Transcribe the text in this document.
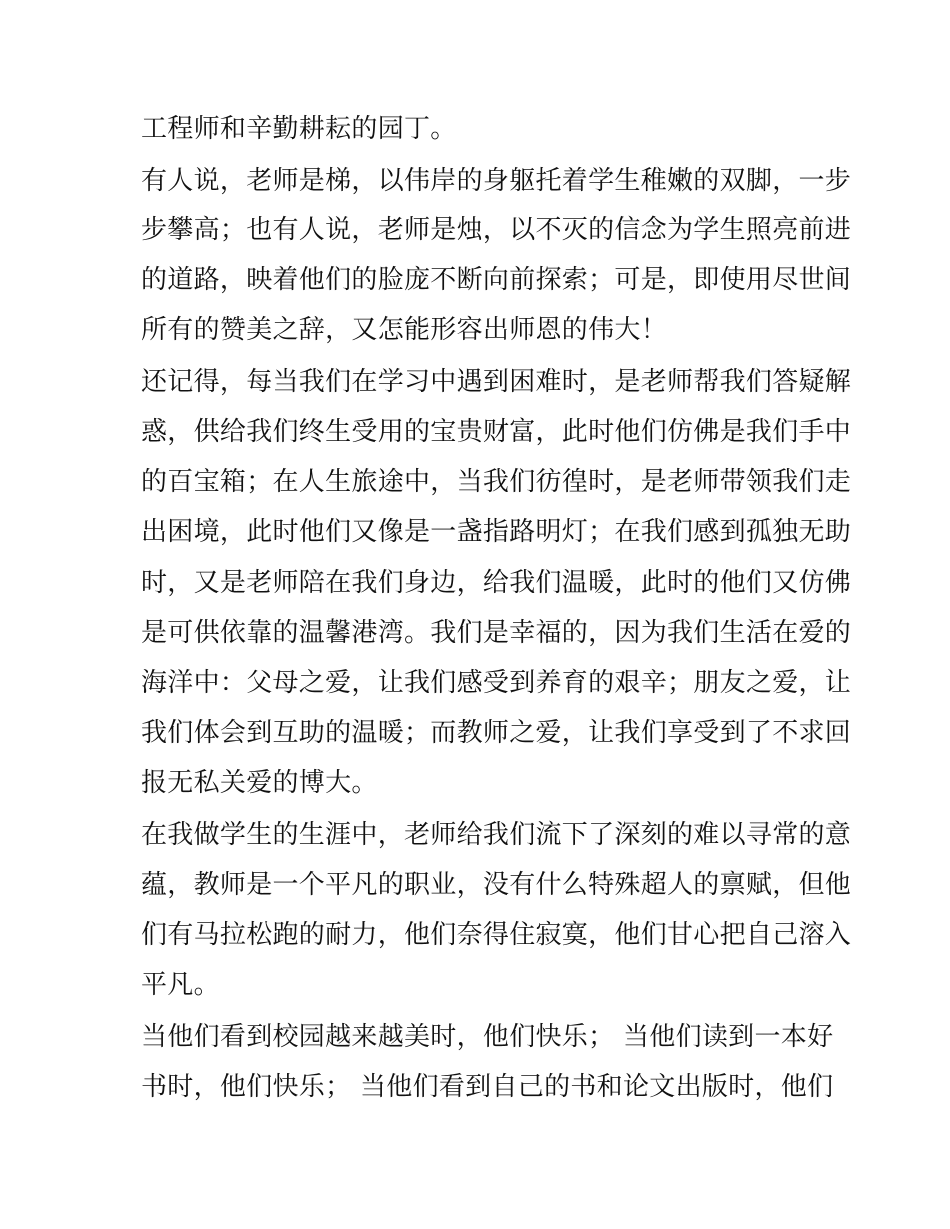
工程师和辛勤耕耘的园丁。
有人说，老师是梯，以伟岸的身躯托着学生稚嫩的双脚，一步
步攀高；也有人说，老师是烛，以不灭的信念为学生照亮前进
的道路，映着他们的脸庞不断向前探索；可是，即使用尽世间
所有的赞美之辞，又怎能形容出师恩的伟大！
还记得，每当我们在学习中遇到困难时，是老师帮我们答疑解
惑，供给我们终生受用的宝贵财富，此时他们仿佛是我们手中
的百宝箱；在人生旅途中，当我们彷徨时，是老师带领我们走
出困境，此时他们又像是一盏指路明灯；在我们感到孤独无助
时，又是老师陪在我们身边，给我们温暖，此时的他们又仿佛
是可供依靠的温馨港湾。我们是幸福的，因为我们生活在爱的
海洋中：父母之爱，让我们感受到养育的艰辛；朋友之爱，让
我们体会到互助的温暖；而教师之爱，让我们享受到了不求回
报无私关爱的博大。
在我做学生的生涯中，老师给我们流下了深刻的难以寻常的意
蕴，教师是一个平凡的职业，没有什么特殊超人的禀赋，但他
们有马拉松跑的耐力，他们奈得住寂寞，他们甘心把自己溶入
平凡。
当他们看到校园越来越美时，他们快乐； 当他们读到一本好
书时，他们快乐； 当他们看到自己的书和论文出版时，他们
